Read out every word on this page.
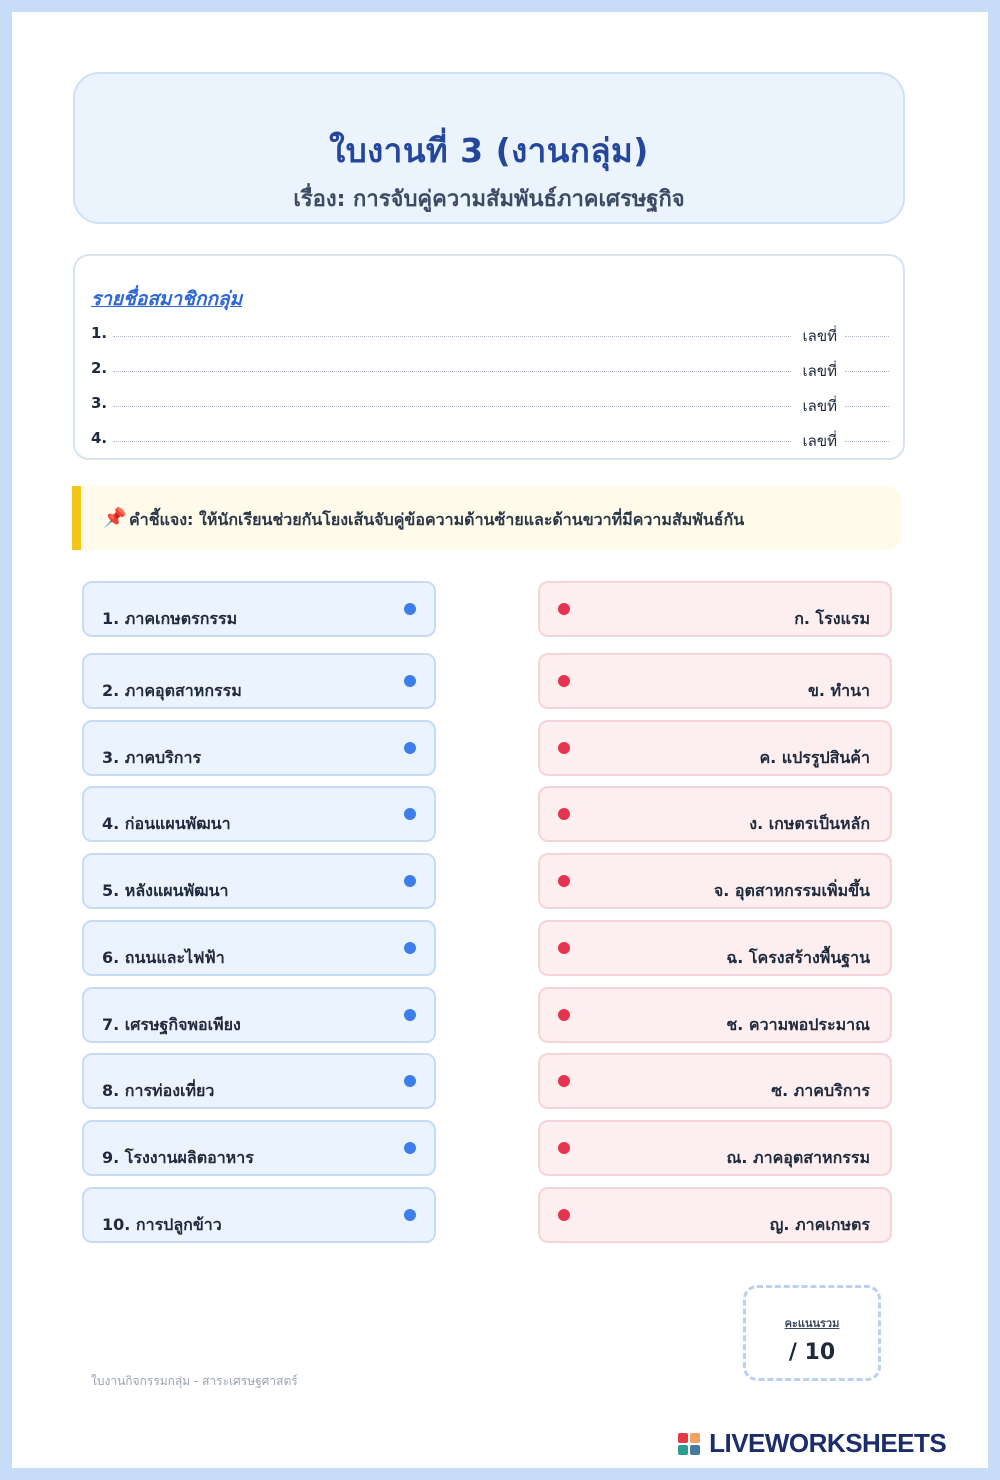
ใบงานที่ 3 (งานกลุ่ม)
เรื่อง: การจับคู่ความสัมพันธ์ภาคเศรษฐกิจ
รายชื่อสมาชิกกลุ่ม
1.	เลขที่
2.	เลขที่
3.	เลขที่
4.	เลขที่
📌 คำชี้แจง: ให้นักเรียนช่วยกันโยงเส้นจับคู่ข้อความด้านซ้ายและด้านขวาที่มีความสัมพันธ์กัน
1. ภาคเกษตรกรรม
2. ภาคอุตสาหกรรม
3. ภาคบริการ
4. ก่อนแผนพัฒนา
5. หลังแผนพัฒนา
6. ถนนและไฟฟ้า
7. เศรษฐกิจพอเพียง
8. การท่องเที่ยว
9. โรงงานผลิตอาหาร
10. การปลูกข้าว
ก. โรงแรม
ข. ทำนา
ค. แปรรูปสินค้า
ง. เกษตรเป็นหลัก
จ. อุตสาหกรรมเพิ่มขึ้น
ฉ. โครงสร้างพื้นฐาน
ช. ความพอประมาณ
ซ. ภาคบริการ
ณ. ภาคอุตสาหกรรม
ญ. ภาคเกษตร
คะแนนรวม
/ 10
ใบงานกิจกรรมกลุ่ม - สาระเศรษฐศาสตร์
LIVEWORKSHEETS
